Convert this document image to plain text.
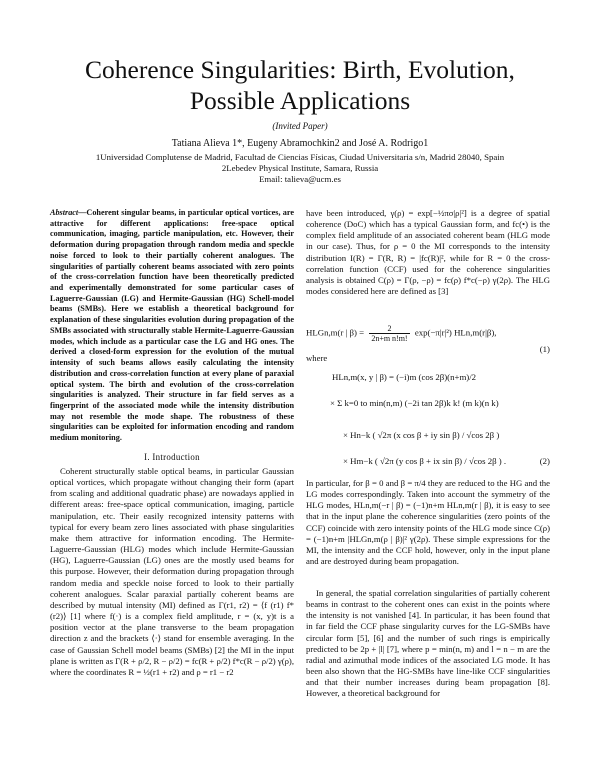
Coherence Singularities: Birth, Evolution, Possible Applications
(Invited Paper)
Tatiana Alieva 1*, Eugeny Abramochkin2 and José A. Rodrigo1
1Universidad Complutense de Madrid, Facultad de Ciencias Físicas, Ciudad Universitaria s/n, Madrid 28040, Spain
2Lebedev Physical Institute, Samara, Russia
Email: talieva@ucm.es

Abstract—Coherent singular beams, in particular optical vortices, are attractive for different applications: free-space optical communication, imaging, particle manipulation, etc. However, their deformation during propagation through random media and speckle noise forced to look to their partially coherent analogues. The singularities of partially coherent beams associated with zero points of the cross-correlation function have been theoretically predicted and experimentally demonstrated for some particular cases of Laguerre-Gaussian (LG) and Hermite-Gaussian (HG) Schell-model beams (SMBs). Here we establish a theoretical background for explanation of these singularities evolution during propagation of the SMBs associated with structurally stable Hermite-Laguerre-Gaussian modes, which include as a particular case the LG and HG ones. The derived a closed-form expression for the evolution of the mutual intensity of such beams allows easily calculating the intensity distribution and cross-correlation function at every plane of paraxial optical system. The birth and evolution of the cross-correlation singularities is analyzed. Their structure in far field serves as a fingerprint of the associated mode while the intensity distribution may not resemble the mode shape. The robustness of these singularities can be exploited for information encoding and random medium monitoring.

I. Introduction

Coherent structurally stable optical beams, in particular Gaussian optical vortices, which propagate without changing their form (apart from scaling and additional quadratic phase) are nowadays applied in different areas: free-space optical communication, imaging, particle manipulation, etc. Their easily recognized intensity patterns with typical for every beam zero lines associated with phase singularities make them attractive for information encoding. The Hermite-Laguerre-Gaussian (HLG) modes which include Hermite-Gaussian (HG), Laguerre-Gaussian (LG) ones are the mostly used beams for this purpose. However, their deformation during propagation through random media and speckle noise forced to look to their partially coherent analogues. Scalar paraxial partially coherent beams are described by mutual intensity (MI) defined as Γ(r1, r2) = ⟨f (r1) f* (r2)⟩ [1] where f(·) is a complex field amplitude, r = (x, y)t is a position vector at the plane transverse to the beam propagation direction z and the brackets ⟨·⟩ stand for ensemble averaging. In the case of Gaussian Schell model beams (SMBs) [2] the MI in the input plane is written as Γ(R + ρ/2, R − ρ/2) = fc(R + ρ/2) f*c(R − ρ/2) γ(ρ), where the coordinates R = ½(r1 + r2) and ρ = r1 − r2

have been introduced, γ(ρ) = exp[−½πσ|ρ|²] is a degree of spatial coherence (DoC) which has a typical Gaussian form, and fc(•) is the complex field amplitude of an associated coherent beam (HLG mode in our case). Thus, for ρ = 0 the MI corresponds to the intensity distribution I(R) = Γ(R, R) = |fc(R)|², while for R = 0 the cross-correlation function (CCF) used for the coherence singularities analysis is obtained C(ρ) = Γ(ρ, −ρ) = fc(ρ) f*c(−ρ) γ(2ρ). The HLG modes considered here are defined as [3]

HLGn,m(r | $\beta) = \frac{2}{\text{2n+m n!m!}} \exp(-\pi|r|^2)$ HLn,m(r|β),
(1)
where
HLn,m(x, y | β) = (−i)m (cos 2β)(n+m)/2
× Σ k=0 to min(n,m) (−2i tan 2β)k k! (m k)(n k)
× Hn−k ( √2π (x cos β + iy sin β) / √cos 2β )
× Hm−k ( √2π (y cos β + ix sin β) / √cos 2β ) .	(2)

In particular, for β = 0 and β = π/4 they are reduced to the HG and the LG modes correspondingly. Taken into account the symmetry of the HLG modes, HLn,m(−r | β) = (−1)n+m HLn,m(r | β), it is easy to see that in the input plane the coherence singularities (zero points of the CCF) coincide with zero intensity points of the HLG mode since C(ρ) = (−1)n+m |HLGn,m(ρ | β)|² γ(2ρ). These simple expressions for the MI, the intensity and the CCF hold, however, only in the input plane and are destroyed during beam propagation.

In general, the spatial correlation singularities of partially coherent beams in contrast to the coherent ones can exist in the points where the intensity is not vanished [4]. In particular, it has been found that in far field the CCF phase singularity curves for the LG-SMBs have circular form [5], [6] and the number of such rings is empirically predicted to be 2p + |l| [7], where p = min(n, m) and l = n − m are the radial and azimuthal mode indices of the associated LG mode. It has been also shown that the HG-SMBs have line-like CCF singularities and that their number increases during beam propagation [8]. However, a theoretical background for
